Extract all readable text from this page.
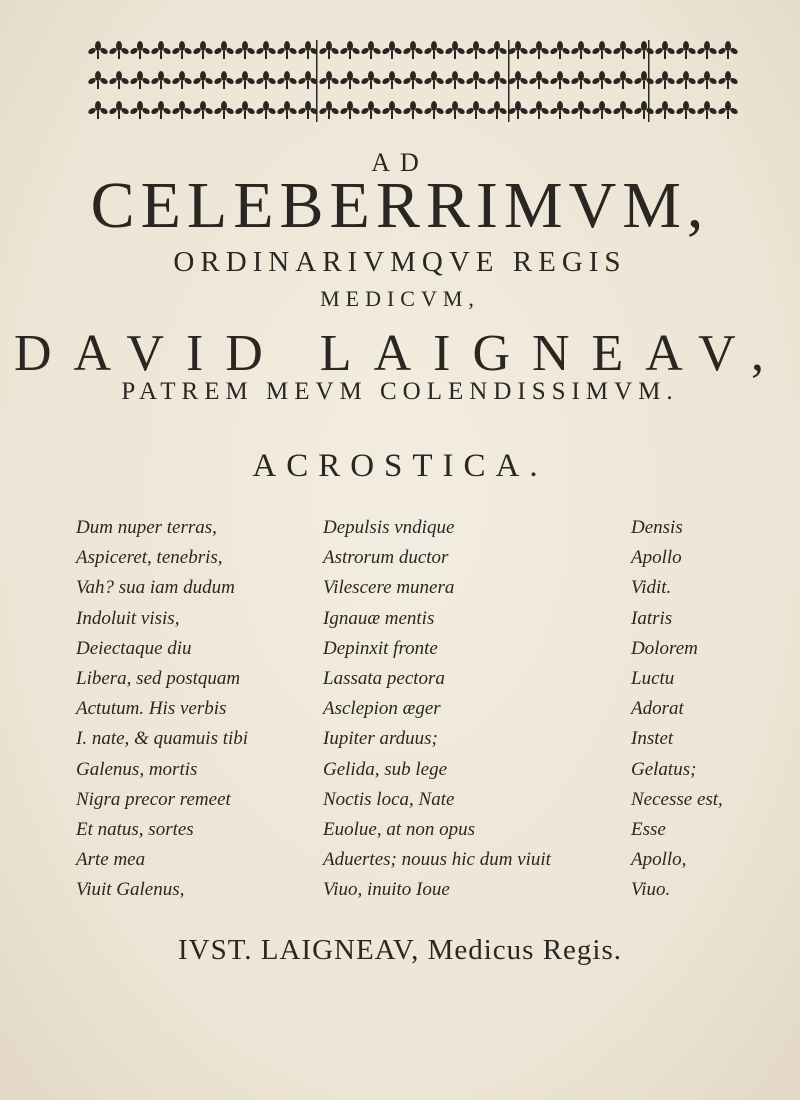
AD
CELEBERRIMVM,
ORDINARIVMQVE REGIS
MEDICVM,
DAVID LAIGNEAV,
PATREM MEVM COLENDISSIMVM.
ACROSTICA.
Dum nuper terras,
Aspiceret, tenebris,
Vah? sua iam dudum
Indoluit visis,
Deiectaque diu
Libera, sed postquam
Actutum. His verbis
I. nate, & quamuis tibi
Galenus, mortis
Nigra precor remeet
Et natus, sortes
Arte mea
Viuit Galenus,
Depulsis vndique
Astrorum ductor
Vilescere munera
Ignauæ mentis
Depinxit fronte
Lassata pectora
Asclepion æger
Iupiter arduus;
Gelida, sub lege
Noctis loca, Nate
Euolue, at non opus
Aduertes; nouus hic dum viuit
Viuo, inuito Ioue
Densis
Apollo
Vidit.
Iatris
Dolorem
Luctu
Adorat
Instet
Gelatus;
Necesse est,
Esse
Apollo,
Viuo.
IVST. LAIGNEAV, Medicus Regis.
